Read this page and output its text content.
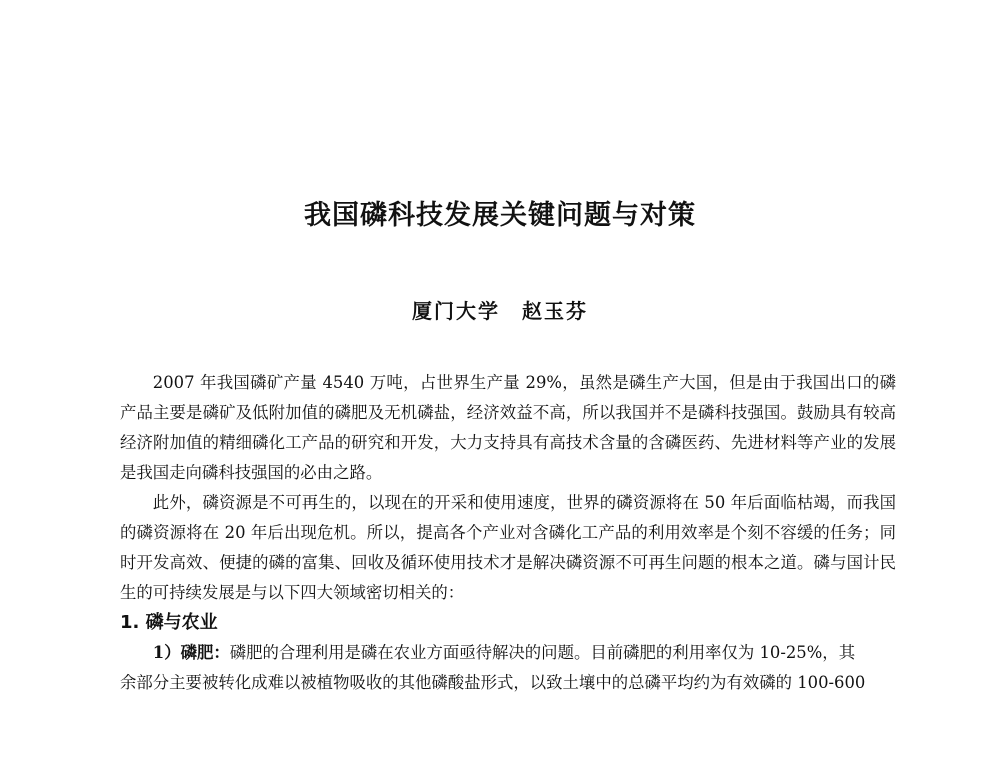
我国磷科技发展关键问题与对策
厦门大学 赵玉芬

2007 年我国磷矿产量 4540 万吨，占世界生产量 29%，虽然是磷生产大国，但是由于我国出口的磷产品主要是磷矿及低附加值的磷肥及无机磷盐，经济效益不高，所以我国并不是磷科技强国。鼓励具有较高经济附加值的精细磷化工产品的研究和开发，大力支持具有高技术含量的含磷医药、先进材料等产业的发展是我国走向磷科技强国的必由之路。

此外，磷资源是不可再生的，以现在的开采和使用速度，世界的磷资源将在 50 年后面临枯竭，而我国的磷资源将在 20 年后出现危机。所以，提高各个产业对含磷化工产品的利用效率是个刻不容缓的任务；同时开发高效、便捷的磷的富集、回收及循环使用技术才是解决磷资源不可再生问题的根本之道。磷与国计民生的可持续发展是与以下四大领域密切相关的：

1. 磷与农业

1）磷肥：磷肥的合理利用是磷在农业方面亟待解决的问题。目前磷肥的利用率仅为 10-25%，其

余部分主要被转化成难以被植物吸收的其他磷酸盐形式，以致土壤中的总磷平均约为有效磷的 100-600
